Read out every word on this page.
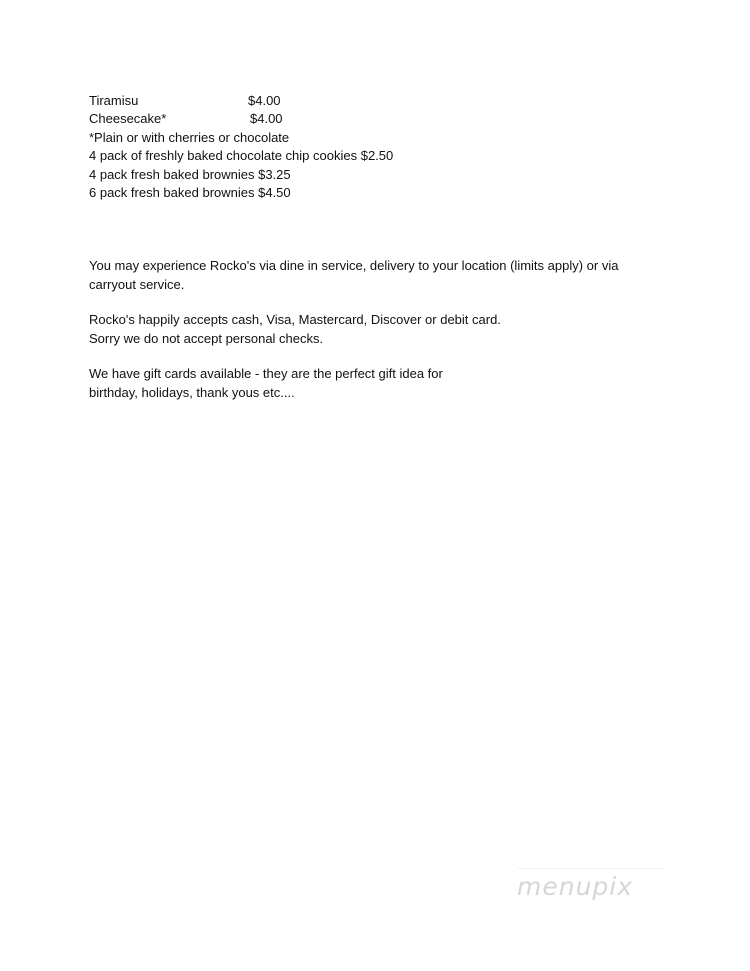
Tiramisu	$4.00
Cheesecake*	$4.00
*Plain or with cherries or chocolate
4 pack of freshly baked chocolate chip cookies $2.50
4 pack fresh baked brownies $3.25
6 pack fresh baked brownies $4.50

You may experience Rocko's via dine in service, delivery to your location (limits apply) or via
carryout service.

Rocko's happily accepts cash, Visa, Mastercard, Discover or debit card.
Sorry we do not accept personal checks.

We have gift cards available - they are the perfect gift idea for
birthday, holidays, thank yous etc....

menupix
